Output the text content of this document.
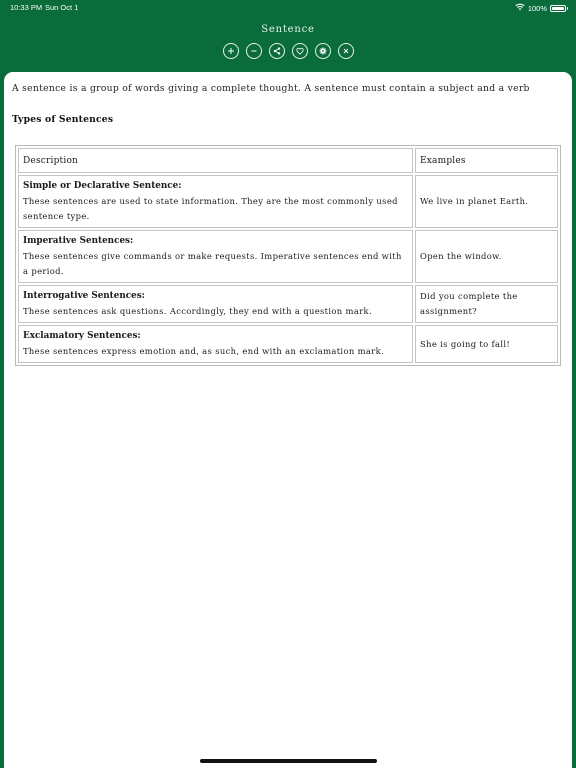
10:33 PM Sun Oct 1	100%
Sentence

A sentence is a group of words giving a complete thought. A sentence must contain a subject and a verb

Types of Sentences
Description	Examples

Simple or Declarative Sentence:
These sentences are used to state information. They are the most commonly used sentence type.	We live in planet Earth.

Imperative Sentences:
These sentences give commands or make requests. Imperative sentences end with a period.	Open the window.

Interrogative Sentences:
These sentences ask questions. Accordingly, they end with a question mark.	Did you complete the assignment?

Exclamatory Sentences:
These sentences express emotion and, as such, end with an exclamation mark.	She is going to fall!
